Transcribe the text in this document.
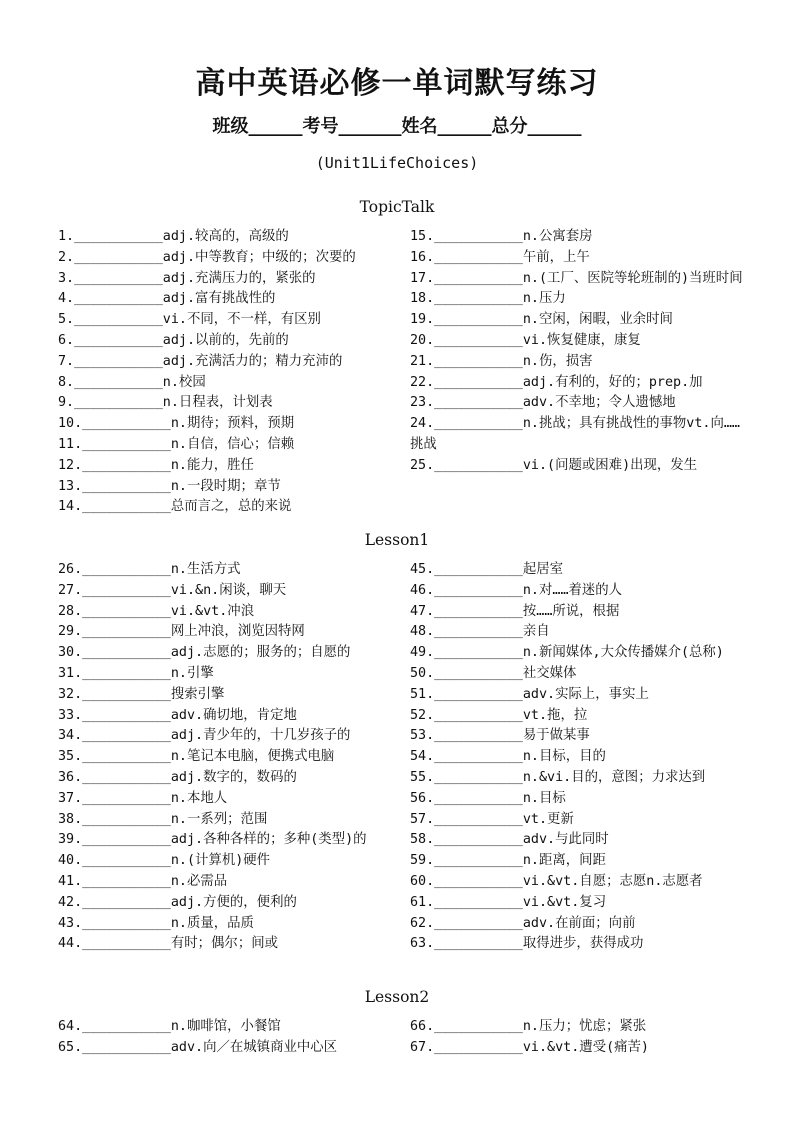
高中英语必修一单词默写练习
班级______考号_______姓名______总分______
(Unit1LifeChoices)
TopicTalk
1.___________adj.较高的，高级的
2.___________adj.中等教育；中级的；次要的
3.___________adj.充满压力的，紧张的
4.___________adj.富有挑战性的
5.___________vi.不同，不一样，有区别
6.___________adj.以前的，先前的
7.___________adj.充满活力的；精力充沛的
8.___________n.校园
9.___________n.日程表，计划表
10.___________n.期待；预料，预期
11.___________n.自信，信心；信赖
12.___________n.能力，胜任
13.___________n.一段时期；章节
14.___________总而言之，总的来说
15.___________n.公寓套房
16.___________午前，上午
17.___________n.(工厂、医院等轮班制的)当班时间
18.___________n.压力
19.___________n.空闲，闲暇，业余时间
20.___________vi.恢复健康，康复
21.___________n.伤，损害
22.___________adj.有利的，好的；prep.加
23.___________adv.不幸地；令人遗憾地
24.___________n.挑战；具有挑战性的事物vt.向……挑战
25.___________vi.(问题或困难)出现，发生
Lesson1
26.___________n.生活方式
27.___________vi.&n.闲谈，聊天
28.___________vi.&vt.冲浪
29.___________网上冲浪，浏览因特网
30.___________adj.志愿的；服务的；自愿的
31.___________n.引擎
32.___________搜索引擎
33.___________adv.确切地，肯定地
34.___________adj.青少年的，十几岁孩子的
35.___________n.笔记本电脑，便携式电脑
36.___________adj.数字的，数码的
37.___________n.本地人
38.___________n.一系列；范围
39.___________adj.各种各样的；多种(类型)的
40.___________n.(计算机)硬件
41.___________n.必需品
42.___________adj.方便的，便利的
43.___________n.质量，品质
44.___________有时；偶尔；间或
45.___________起居室
46.___________n.对……着迷的人
47.___________按……所说，根据
48.___________亲自
49.___________n.新闻媒体,大众传播媒介(总称)
50.___________社交媒体
51.___________adv.实际上，事实上
52.___________vt.拖，拉
53.___________易于做某事
54.___________n.目标，目的
55.___________n.&vi.目的，意图；力求达到
56.___________n.目标
57.___________vt.更新
58.___________adv.与此同时
59.___________n.距离，间距
60.___________vi.&vt.自愿；志愿n.志愿者
61.___________vi.&vt.复习
62.___________adv.在前面；向前
63.___________取得进步，获得成功
Lesson2
64.___________n.咖啡馆，小餐馆
65.___________adv.向／在城镇商业中心区
66.___________n.压力；忧虑；紧张
67.___________vi.&vt.遭受(痛苦)
